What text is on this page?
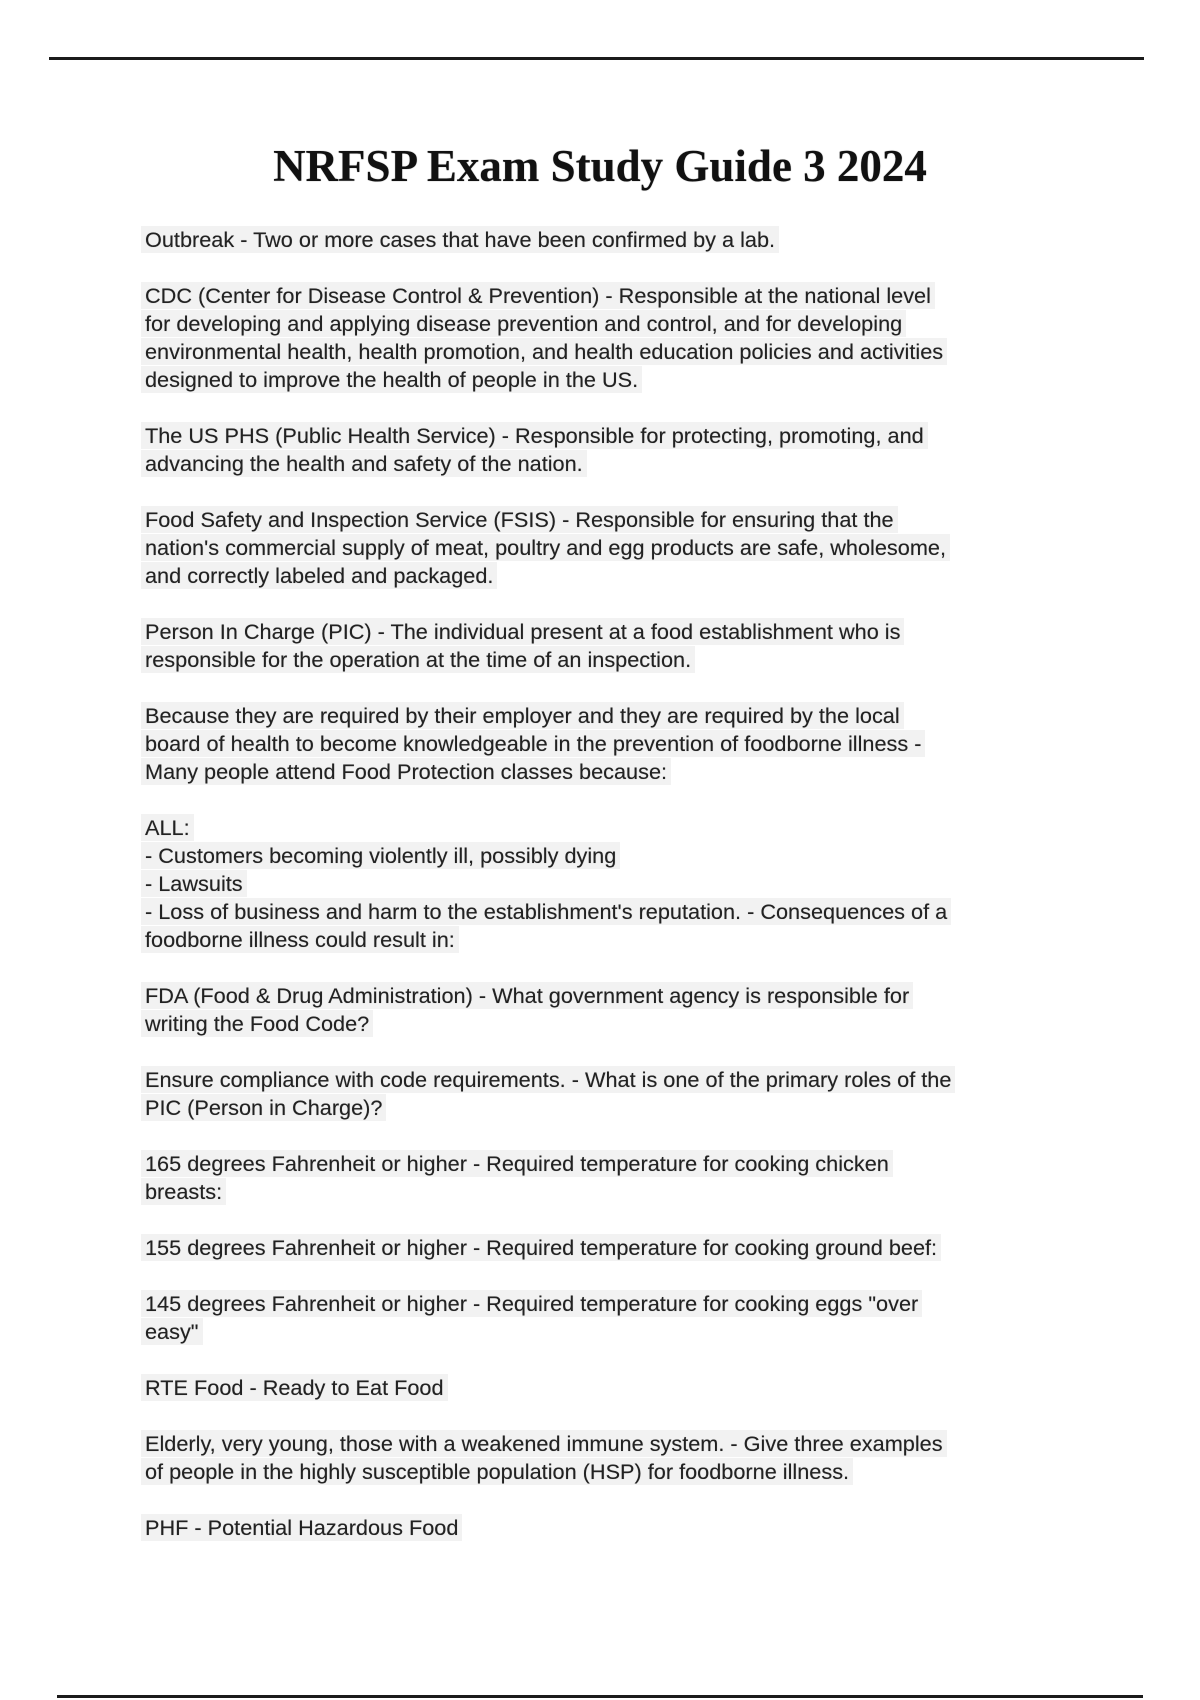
NRFSP Exam Study Guide 3 2024
Outbreak - Two or more cases that have been confirmed by a lab.
CDC (Center for Disease Control & Prevention) - Responsible at the national level
for developing and applying disease prevention and control, and for developing
environmental health, health promotion, and health education policies and activities
designed to improve the health of people in the US.
The US PHS (Public Health Service) - Responsible for protecting, promoting, and
advancing the health and safety of the nation.
Food Safety and Inspection Service (FSIS) - Responsible for ensuring that the
nation's commercial supply of meat, poultry and egg products are safe, wholesome,
and correctly labeled and packaged.
Person In Charge (PIC) - The individual present at a food establishment who is
responsible for the operation at the time of an inspection.
Because they are required by their employer and they are required by the local
board of health to become knowledgeable in the prevention of foodborne illness -
Many people attend Food Protection classes because:
ALL:
- Customers becoming violently ill, possibly dying
- Lawsuits
- Loss of business and harm to the establishment's reputation. - Consequences of a
foodborne illness could result in:
FDA (Food & Drug Administration) - What government agency is responsible for
writing the Food Code?
Ensure compliance with code requirements. - What is one of the primary roles of the
PIC (Person in Charge)?
165 degrees Fahrenheit or higher - Required temperature for cooking chicken
breasts:
155 degrees Fahrenheit or higher - Required temperature for cooking ground beef:
145 degrees Fahrenheit or higher - Required temperature for cooking eggs "over
easy"
RTE Food - Ready to Eat Food
Elderly, very young, those with a weakened immune system. - Give three examples
of people in the highly susceptible population (HSP) for foodborne illness.
PHF - Potential Hazardous Food
